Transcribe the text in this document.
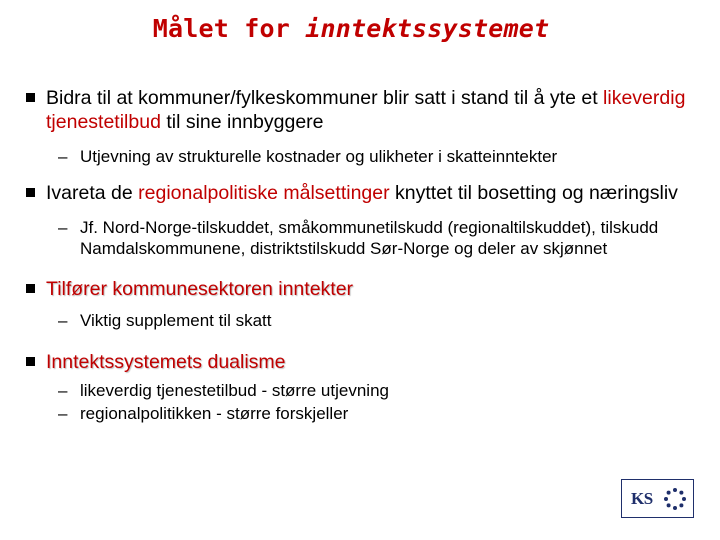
Målet for inntektssystemet
Bidra til at kommuner/fylkeskommuner blir satt i stand til å yte et likeverdig tjenestetilbud til sine innbyggere
– Utjevning av strukturelle kostnader og ulikheter i skatteinntekter
Ivareta de regionalpolitiske målsettinger knyttet til bosetting og næringsliv
– Jf. Nord-Norge-tilskuddet, småkommunetilskudd (regionaltilskuddet), tilskudd Namdalskommunene, distriktstilskudd Sør-Norge og deler av skjønnet
Tilfører kommunesektoren inntekter
– Viktig supplement til skatt
Inntektssystemets dualisme
– likeverdig tjenestetilbud - større utjevning
– regionalpolitikken - større forskjeller
KS
